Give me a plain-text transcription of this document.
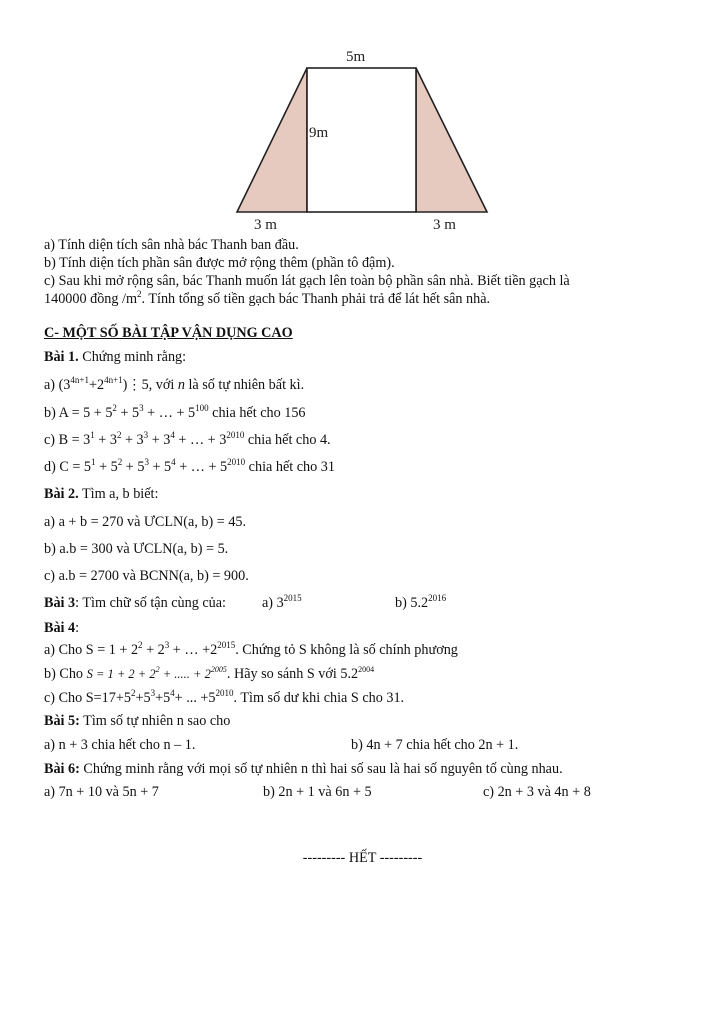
5m
9m
3 m	3 m
a) Tính diện tích sân nhà bác Thanh ban đầu.
b) Tính diện tích phần sân được mở rộng thêm (phần tô đậm).
c) Sau khi mở rộng sân, bác Thanh muốn lát gạch lên toàn bộ phần sân nhà. Biết tiền gạch là
140000 đồng $/m^2$. Tính tổng số tiền gạch bác Thanh phải trả để lát hết sân nhà.
C- MỘT SỐ BÀI TẬP VẬN DỤNG CAO
Bài 1. Chứng minh rằng:
a) $(3^{4n+1}+2^{4n+1})⋮5$, với n là số tự nhiên bất kì.
b) $A = 5 + 5^2 + 5^3$ + … + $5^{100}$ chia hết cho 156
c) $B = 3^1 + 3^2 + 3^3 + 3^4$ + … + $3^{2010}$ chia hết cho 4.
d) $C = 5^1 + 5^2 + 5^3 + 5^4$ + … + $5^{2010}$ chia hết cho 31
Bài 2. Tìm a, b biết:
a) a + b = 270 và ƯCLN(a, b) = 45.
b) a.b = 300 và ƯCLN(a, b) = 5.
c) a.b = 2700 và BCNN(a, b) = 900.
Bài 3: Tìm chữ số tận cùng của:	a) $3^{2015}$	b) $5.2^{2016}$
Bài 4:
a) Cho $S = 1 + 2^2 + 2^3$ + … $+2^{2015}$. Chứng tỏ S không là số chính phương
b) Cho $S = 1 + 2 + 2^2$ + ..... + $2^{2005}$. Hãy so sánh S với $5.2^{2004}$
c) Cho $S=17+5^2+5^3+5^4+$ ... $+5^{2010}$. Tìm số dư khi chia S cho 31.
Bài 5: Tìm số tự nhiên n sao cho
a) n + 3 chia hết cho n – 1.	b) 4n + 7 chia hết cho 2n + 1.
Bài 6: Chứng minh rằng với mọi số tự nhiên n thì hai số sau là hai số nguyên tố cùng nhau.
a) 7n + 10 và 5n + 7	b) 2n + 1 và 6n + 5	c) 2n + 3 và 4n + 8
--------- HẾT ---------
